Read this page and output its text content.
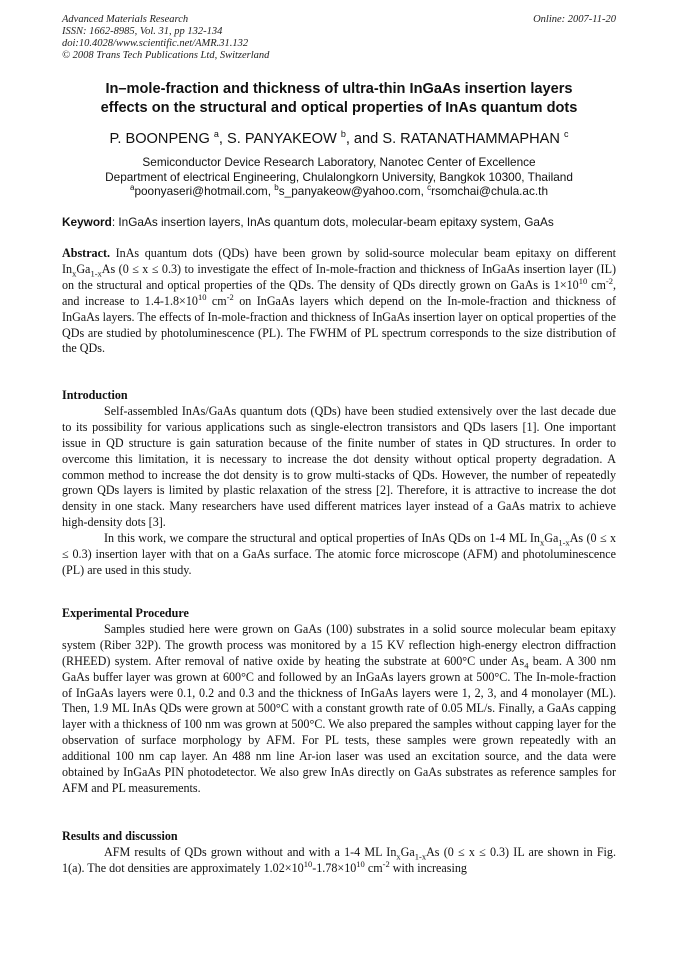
Advanced Materials Research
ISSN: 1662-8985, Vol. 31, pp 132-134
doi:10.4028/www.scientific.net/AMR.31.132
© 2008 Trans Tech Publications Ltd, Switzerland
Online: 2007-11-20
In–mole-fraction and thickness of ultra-thin InGaAs insertion layers
effects on the structural and optical properties of InAs quantum dots
P. BOONPENG $^a$, S. PANYAKEOW $^b$, and S. RATANATHAMMAPHAN $^c$
Semiconductor Device Research Laboratory, Nanotec Center of Excellence
Department of electrical Engineering, Chulalongkorn University, Bangkok 10300, Thailand
$^a$poonyaseri@hotmail.com, $^b$s_panyakeow@yahoo.com, $^c$rsomchai@chula.ac.th
Keyword: InGaAs insertion layers, InAs quantum dots, molecular-beam epitaxy system, GaAs

Abstract. InAs quantum dots (QDs) have been grown by solid-source molecular beam epitaxy on different $In_xGa_{1-x}As$ (0 ≤ x ≤ 0.3) to investigate the effect of In-mole-fraction and thickness of InGaAs insertion layer (IL) on the structural and optical properties of the QDs. The density of QDs directly grown on GaAs is $1\times 10^{10}$ $cm^{-2}$, and increase to $1.4-1.8\times 10^{10}$ $cm^{-2}$ on InGaAs layers which depend on the In-mole-fraction and thickness of InGaAs layers. The effects of In-mole-fraction and thickness of InGaAs insertion layer on optical properties of the QDs are studied by photoluminescence (PL). The FWHM of PL spectrum corresponds to the size distribution of the QDs.

Introduction

Self-assembled InAs/GaAs quantum dots (QDs) have been studied extensively over the last decade due to its possibility for various applications such as single-electron transistors and QDs lasers [1]. One important issue in QD structure is gain saturation because of the finite number of states in QD structures. In order to overcome this limitation, it is necessary to increase the dot density without optical property degradation. A common method to increase the dot density is to grow multi-stacks of QDs. However, the number of repeatedly grown QDs layers is limited by plastic relaxation of the stress [2]. Therefore, it is attractive to increase the dot density in one stack. Many researchers have used different matrices layer instead of a GaAs matrix to achieve high-density dots [3].

In this work, we compare the structural and optical properties of InAs QDs on 1-4 ML $In_xGa_{1-x}As$ (0 ≤ x ≤ 0.3) insertion layer with that on a GaAs surface. The atomic force microscope (AFM) and photoluminescence (PL) are used in this study.

Experimental Procedure

Samples studied here were grown on GaAs (100) substrates in a solid source molecular beam epitaxy system (Riber 32P). The growth process was monitored by a 15 KV reflection high-energy electron diffraction (RHEED) system. After removal of native oxide by heating the substrate at 600°C under $As_4$ beam. A 300 nm GaAs buffer layer was grown at 600°C and followed by an InGaAs layers grown at 500°C. The In-mole-fraction of InGaAs layers were 0.1, 0.2 and 0.3 and the thickness of InGaAs layers were 1, 2, 3, and 4 monolayer (ML). Then, 1.9 ML InAs QDs were grown at 500°C with a constant growth rate of 0.05 ML/s. Finally, a GaAs capping layer with a thickness of 100 nm was grown at 500°C. We also prepared the samples without capping layer for the observation of surface morphology by AFM. For PL tests, these samples were grown repeatedly with an additional 100 nm cap layer. An 488 nm line Ar-ion laser was used an excitation source, and the data were obtained by InGaAs PIN photodetector. We also grew InAs directly on GaAs substrates as reference samples for AFM and PL measurements.

Results and discussion

AFM results of QDs grown without and with a 1-4 ML $In_xGa_{1-x}As$ (0 ≤ x ≤ 0.3) IL are shown in Fig. 1(a). The dot densities are approximately $1.02\times 10^{10}-1.78\times 10^{10}$ $cm^{-2}$ with increasing
